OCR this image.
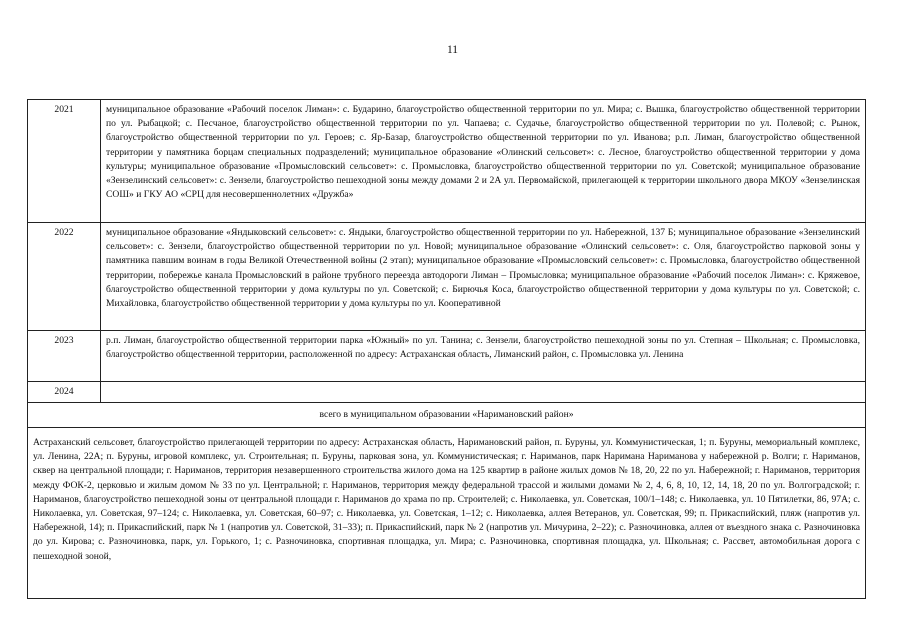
11
2021	муниципальное образование «Рабочий поселок Лиман»: с. Бударино, благоустройство общественной территории по ул. Мира; с. Вышка, благоустройство общественной территории по ул. Рыбацкой; с. Песчаное, благоустройство общественной территории по ул. Чапаева; с. Судачье, благоустройство общественной территории по ул. Полевой; с. Рынок, благоустройство общественной территории по ул. Героев; с. Яр-Базар, благоустройство общественной территории по ул. Иванова; р.п. Лиман, благоустройство общественной территории у памятника борцам специальных подразделений; муниципальное образование «Олинский сельсовет»: с. Лесное, благоустройство общественной территории у дома культуры; муниципальное образование «Промысловский сельсовет»: с. Промысловка, благоустройство общественной территории по ул. Советской; муниципальное образование «Зензелинский сельсовет»: с. Зензели, благоустройство пешеходной зоны между домами 2 и 2А ул. Первомайской, прилегающей к территории школьного двора МКОУ «Зензелинская СОШ» и ГКУ АО «СРЦ для несовершеннолетних «Дружба»
2022	муниципальное образование «Яндыковский сельсовет»: с. Яндыки, благоустройство общественной территории по ул. Набережной, 137 Б; муниципальное образование «Зензелинский сельсовет»: с. Зензели, благоустройство общественной территории по ул. Новой; муниципальное образование «Олинский сельсовет»: с. Оля, благоустройство парковой зоны у памятника павшим воинам в годы Великой Отечественной войны (2 этап); муниципальное образование «Промысловский сельсовет»: с. Промысловка, благоустройство общественной территории, побережье канала Промысловский в районе трубного переезда автодороги Лиман – Промысловка; муниципальное образование «Рабочий поселок Лиман»: с. Кряжевое, благоустройство общественной территории у дома культуры по ул. Советской; с. Бирючья Коса, благоустройство общественной территории у дома культуры по ул. Советской; с. Михайловка, благоустройство общественной территории у дома культуры по ул. Кооперативной
2023	р.п. Лиман, благоустройство общественной территории парка «Южный» по ул. Танина; с. Зензели, благоустройство пешеходной зоны по ул. Степная – Школьная; с. Промысловка, благоустройство общественной территории, расположенной по адресу: Астраханская область, Лиманский район, с. Промысловка ул. Ленина
2024	
всего в муниципальном образовании «Наримановский район»	
Астраханский сельсовет, благоустройство прилегающей территории по адресу: Астраханская область, Наримановский район, п. Буруны, ул. Коммунистическая, 1; п. Буруны, мемориальный комплекс, ул. Ленина, 22А; п. Буруны, игровой комплекс, ул. Строительная; п. Буруны, парковая зона, ул. Коммунистическая; г. Нариманов, парк Наримана Нариманова у набережной р. Волги; г. Нариманов, сквер на центральной площади; г. Нариманов, территория незавершенного строительства жилого дома на 125 квартир в районе жилых домов № 18, 20, 22 по ул. Набережной; г. Нариманов, территория между ФОК-2, церковью и жилым домом № 33 по ул. Центральной; г. Нариманов, территория между федеральной трассой и жилыми домами № 2, 4, 6, 8, 10, 12, 14, 18, 20 по ул. Волгоградской; г. Нариманов, благоустройство пешеходной зоны от центральной площади г. Нариманов до храма по пр. Строителей; с. Николаевка, ул. Советская, 100/1–148; с. Николаевка, ул. 10 Пятилетки, 86, 97А; с. Николаевка, ул. Советская, 97–124; с. Николаевка, ул. Советская, 60–97; с. Николаевка, ул. Советская, 1–12; с. Николаевка, аллея Ветеранов, ул. Советская, 99; п. Прикаспийский, пляж (напротив ул. Набережной, 14); п. Прикаспийский, парк № 1 (напротив ул. Советской, 31–33); п. Прикаспийский, парк № 2 (напротив ул. Мичурина, 2–22); с. Разночиновка, аллея от въездного знака с. Разночиновка до ул. Кирова; с. Разночиновка, парк, ул. Горького, 1; с. Разночиновка, спортивная площадка, ул. Мира; с. Разночиновка, спортивная площадка, ул. Школьная; с. Рассвет, автомобильная дорога с пешеходной зоной,	
